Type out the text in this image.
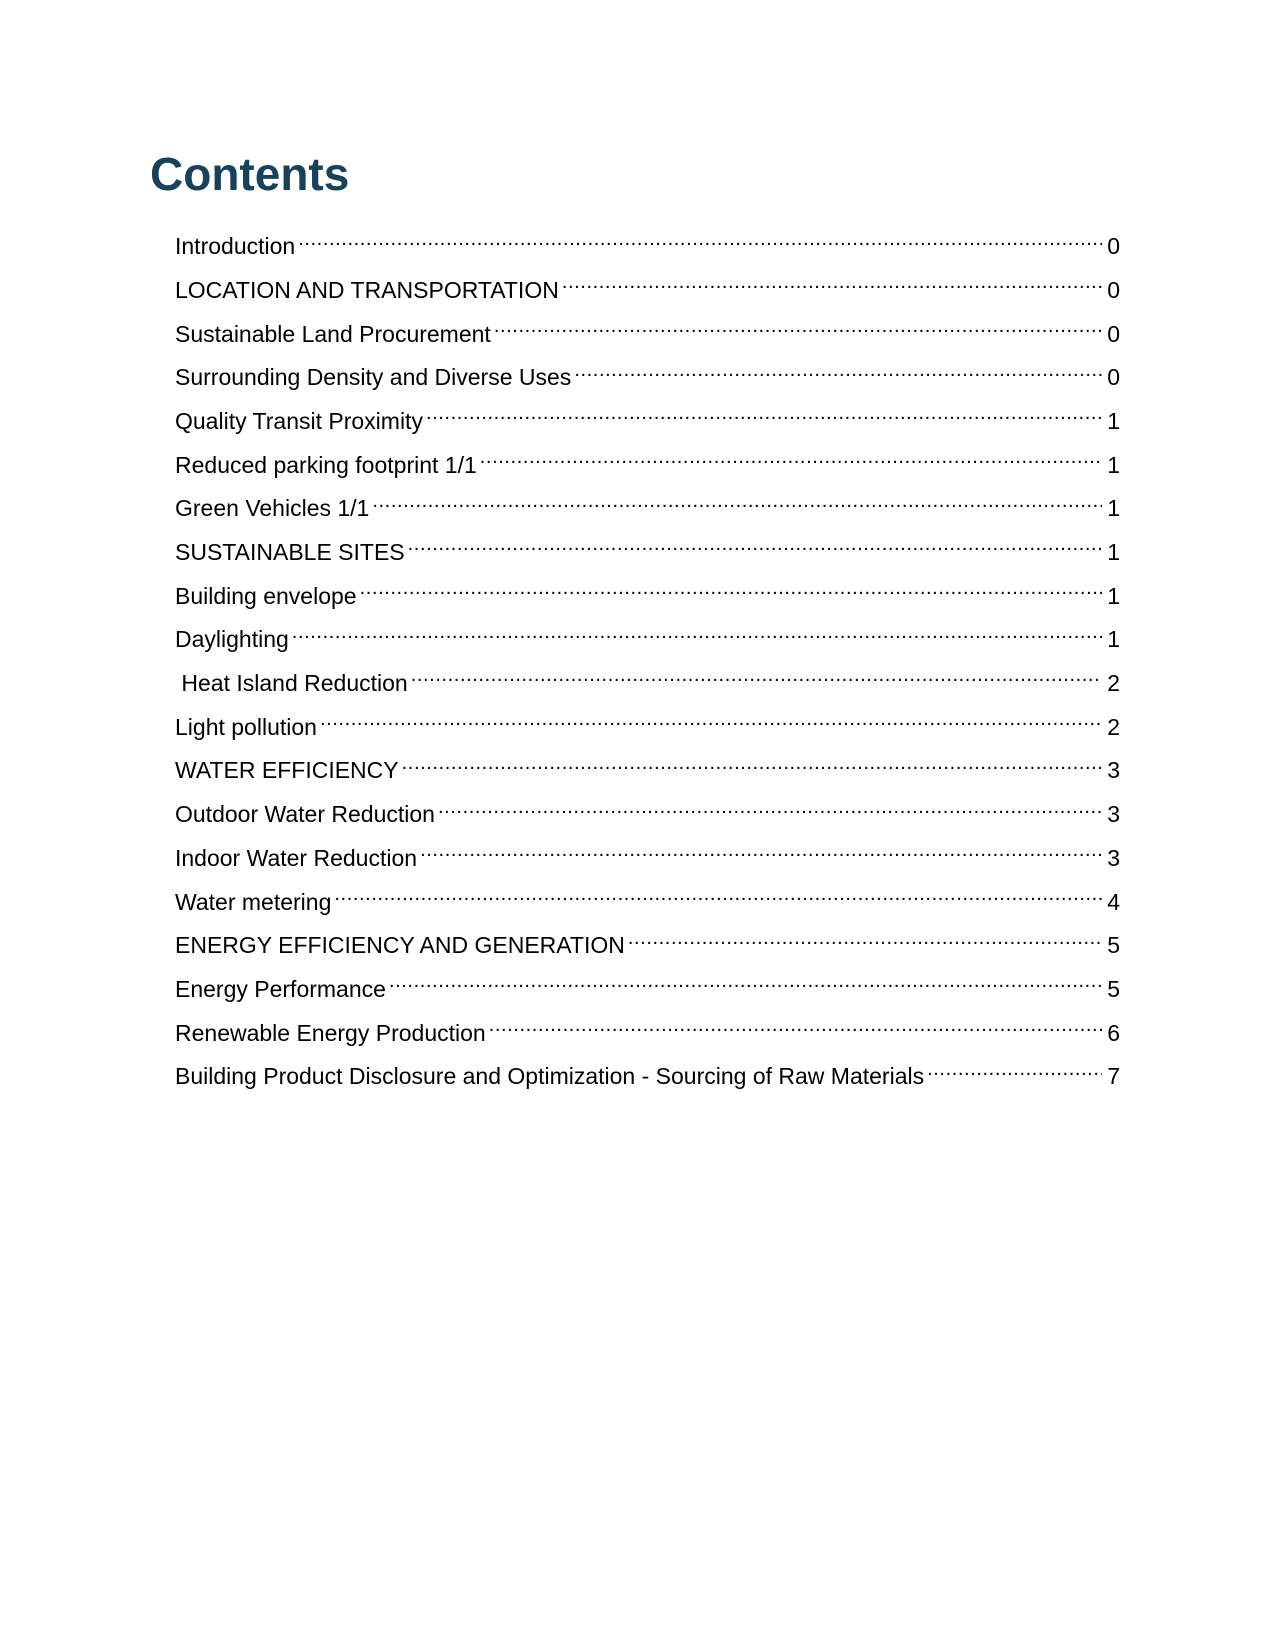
Contents
Introduction .....	0
LOCATION AND TRANSPORTATION .....	0
Sustainable Land Procurement .....	0
Surrounding Density and Diverse Uses .....	0
Quality Transit Proximity .....	1
Reduced parking footprint 1/1 .....	1
Green Vehicles 1/1 .....	1
SUSTAINABLE SITES .....	1
Building envelope .....	1
Daylighting .....	1
Heat Island Reduction .....	2
Light pollution .....	2
WATER EFFICIENCY .....	3
Outdoor Water Reduction .....	3
Indoor Water Reduction .....	3
Water metering .....	4
ENERGY EFFICIENCY AND GENERATION .....	5
Energy Performance .....	5
Renewable Energy Production .....	6
Building Product Disclosure and Optimization - Sourcing of Raw Materials .....	7
